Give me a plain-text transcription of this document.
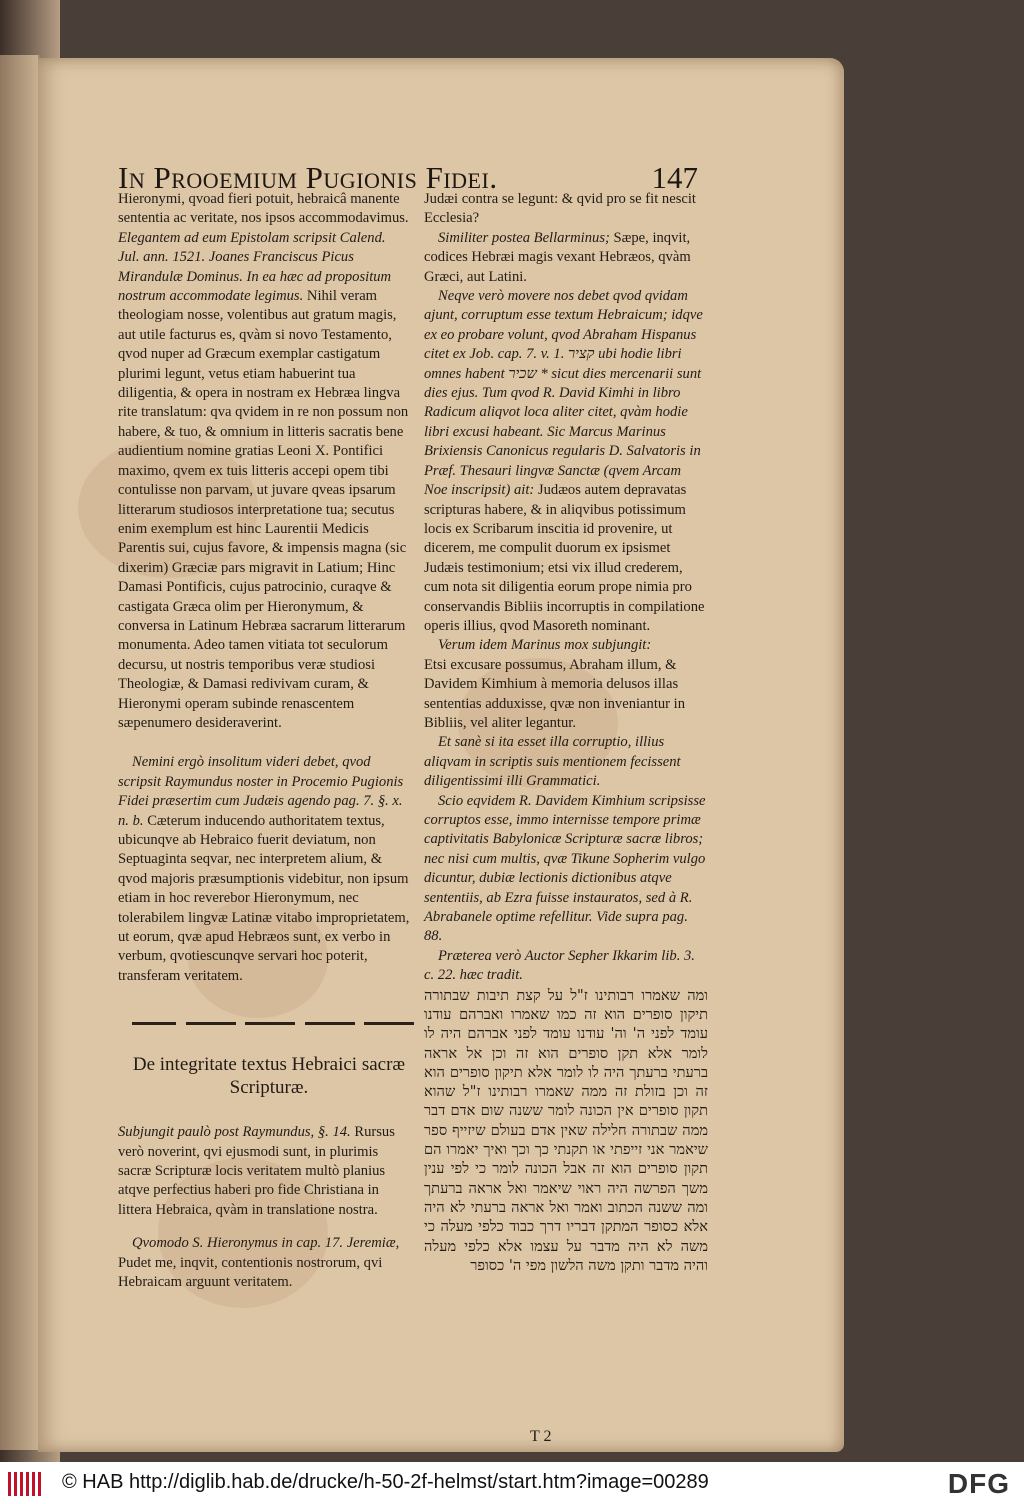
In Prooemium Pugionis Fidei.	147

Hieronymi, qvoad fieri potuit, hebraicâ manente sententia ac veritate, nos ipsos accommodavimus. Elegantem ad eum Epistolam scripsit Calend. Jul. ann. 1521. Joanes Franciscus Picus Mirandulæ Dominus. In ea hæc ad propositum nostrum accommodate legimus. Nihil veram theologiam nosse, volentibus aut gratum magis, aut utile facturus es, qvàm si novo Testamento, qvod nuper ad Græcum exemplar castigatum plurimi legunt, vetus etiam habuerint tua diligentia, & opera in nostram ex Hebræa lingva rite translatum: qva qvidem in re non possum non habere, & tuo, & omnium in litteris sacratis bene audientium nomine gratias Leoni X. Pontifici maximo, qvem ex tuis litteris accepi opem tibi contulisse non parvam, ut juvare qveas ipsarum litterarum studiosos interpretatione tua; secutus enim exemplum est hinc Laurentii Medicis Parentis sui, cujus favore, & impensis magna (sic dixerim) Græciæ pars migravit in Latium; Hinc Damasi Pontificis, cujus patrocinio, curaqve & castigata Græca olim per Hieronymum, & conversa in Latinum Hebræa sacrarum litterarum monumenta. Adeo tamen vitiata tot seculorum decursu, ut nostris temporibus veræ studiosi Theologiæ, & Damasi redivivam curam, & Hieronymi operam subinde renascentem sæpenumero desideraverint.

Nemini ergò insolitum videri debet, qvod scripsit Raymundus noster in Procemio Pugionis Fidei præsertim cum Judæis agendo pag. 7. §. x. n. b. Cæterum inducendo authoritatem textus, ubicunqve ab Hebraico fuerit deviatum, non Septuaginta seqvar, nec interpretem alium, & qvod majoris præsumptionis videbitur, non ipsum etiam in hoc reverebor Hieronymum, nec tolerabilem lingvæ Latinæ vitabo improprietatem, ut eorum, qvæ apud Hebræos sunt, ex verbo in verbum, qvotiescunqve servari hoc poterit, transferam veritatem.

De integritate textus Hebraici sacræ Scripturæ.

Subjungit paulò post Raymundus, §. 14. Rursus verò noverint, qvi ejusmodi sunt, in plurimis sacræ Scripturæ locis veritatem multò planius atqve perfectius haberi pro fide Christiana in littera Hebraica, qvàm in translatione nostra.

Qvomodo S. Hieronymus in cap. 17. Jeremiæ, Pudet me, inqvit, contentionis nostrorum, qvi Hebraicam arguunt veritatem.

Judæi contra se legunt: & qvid pro se fit nescit Ecclesia?

Similiter postea Bellarminus; Sæpe, inqvit, codices Hebræi magis vexant Hebræos, qvàm Græci, aut Latini.

Neqve verò movere nos debet qvod qvidam ajunt, corruptum esse textum Hebraicum; idqve ex eo probare volunt, qvod Abraham Hispanus citet ex Job. cap. 7. v. 1. קציר ubi hodie libri omnes habent שכיר * sicut dies mercenarii sunt dies ejus. Tum qvod R. David Kimhi in libro Radicum aliqvot loca aliter citet, qvàm hodie libri excusi habeant. Sic Marcus Marinus Brixiensis Canonicus regularis D. Salvatoris in Præf. Thesauri lingvæ Sanctæ (qvem Arcam Noe inscripsit) ait: Judæos autem depravatas scripturas habere, & in aliqvibus potissimum locis ex Scribarum inscitia id provenire, ut dicerem, me compulit duorum ex ipsismet Judæis testimonium; etsi vix illud crederem, cum nota sit diligentia eorum prope nimia pro conservandis Bibliis incorruptis in compilatione operis illius, qvod Masoreth nominant.

Verum idem Marinus mox subjungit:

Etsi excusare possumus, Abraham illum, & Davidem Kimhium à memoria delusos illas sententias adduxisse, qvæ non inveniantur in Bibliis, vel aliter legantur.

Et sanè si ita esset illa corruptio, illius aliqvam in scriptis suis mentionem fecissent diligentissimi illi Grammatici.

Scio eqvidem R. Davidem Kimhium scripsisse corruptos esse, immo internisse tempore primæ captivitatis Babylonicæ Scripturæ sacræ libros; nec nisi cum multis, qvæ Tikune Sopherim vulgo dicuntur, dubiæ lectionis dictionibus atqve sententiis, ab Ezra fuisse instauratos, sed à R. Abrabanele optime refellitur. Vide supra pag. 88.

Præterea verò Auctor Sepher Ikkarim lib. 3. c. 22. hæc tradit.

ומה שאמרו רבותינו ז"ל על קצת תיבות שבתורה תיקון סופרים הוא זה כמו שאמרו ואברהם עודנו עומד לפני ה' וה' עודנו עומד לפני אברהם היה לו לומר אלא תקן סופרים הוא זה וכן אל אראה ברעתי ברעתך היה לו לומר אלא תיקון סופרים הוא זה וכן בזולת זה ממה שאמרו רבותינו ז"ל שהוא תקון סופרים אין הכונה לומר ששנה שום אדם דבר ממה שבתורה חלילה שאין אדם בעולם שיזייף ספר שיאמר אני זייפתי או תקנתי כך וכך ואיך יאמרו הם תקון סופרים הוא זה אבל הכונה לומר כי לפי ענין משך הפרשה היה ראוי שיאמר ואל אראה ברעתך ומה ששנה הכתוב ואמר ואל אראה ברעתי לא היה אלא כסופר המתקן דבריו דרך כבוד כלפי מעלה כי משה לא היה מדבר על עצמו אלא כלפי מעלה והיה מדבר ותקן משה הלשון מפי ה' כסופר

T 2
© HAB http://diglib.hab.de/drucke/h-50-2f-helmst/start.htm?image=00289	DFG
